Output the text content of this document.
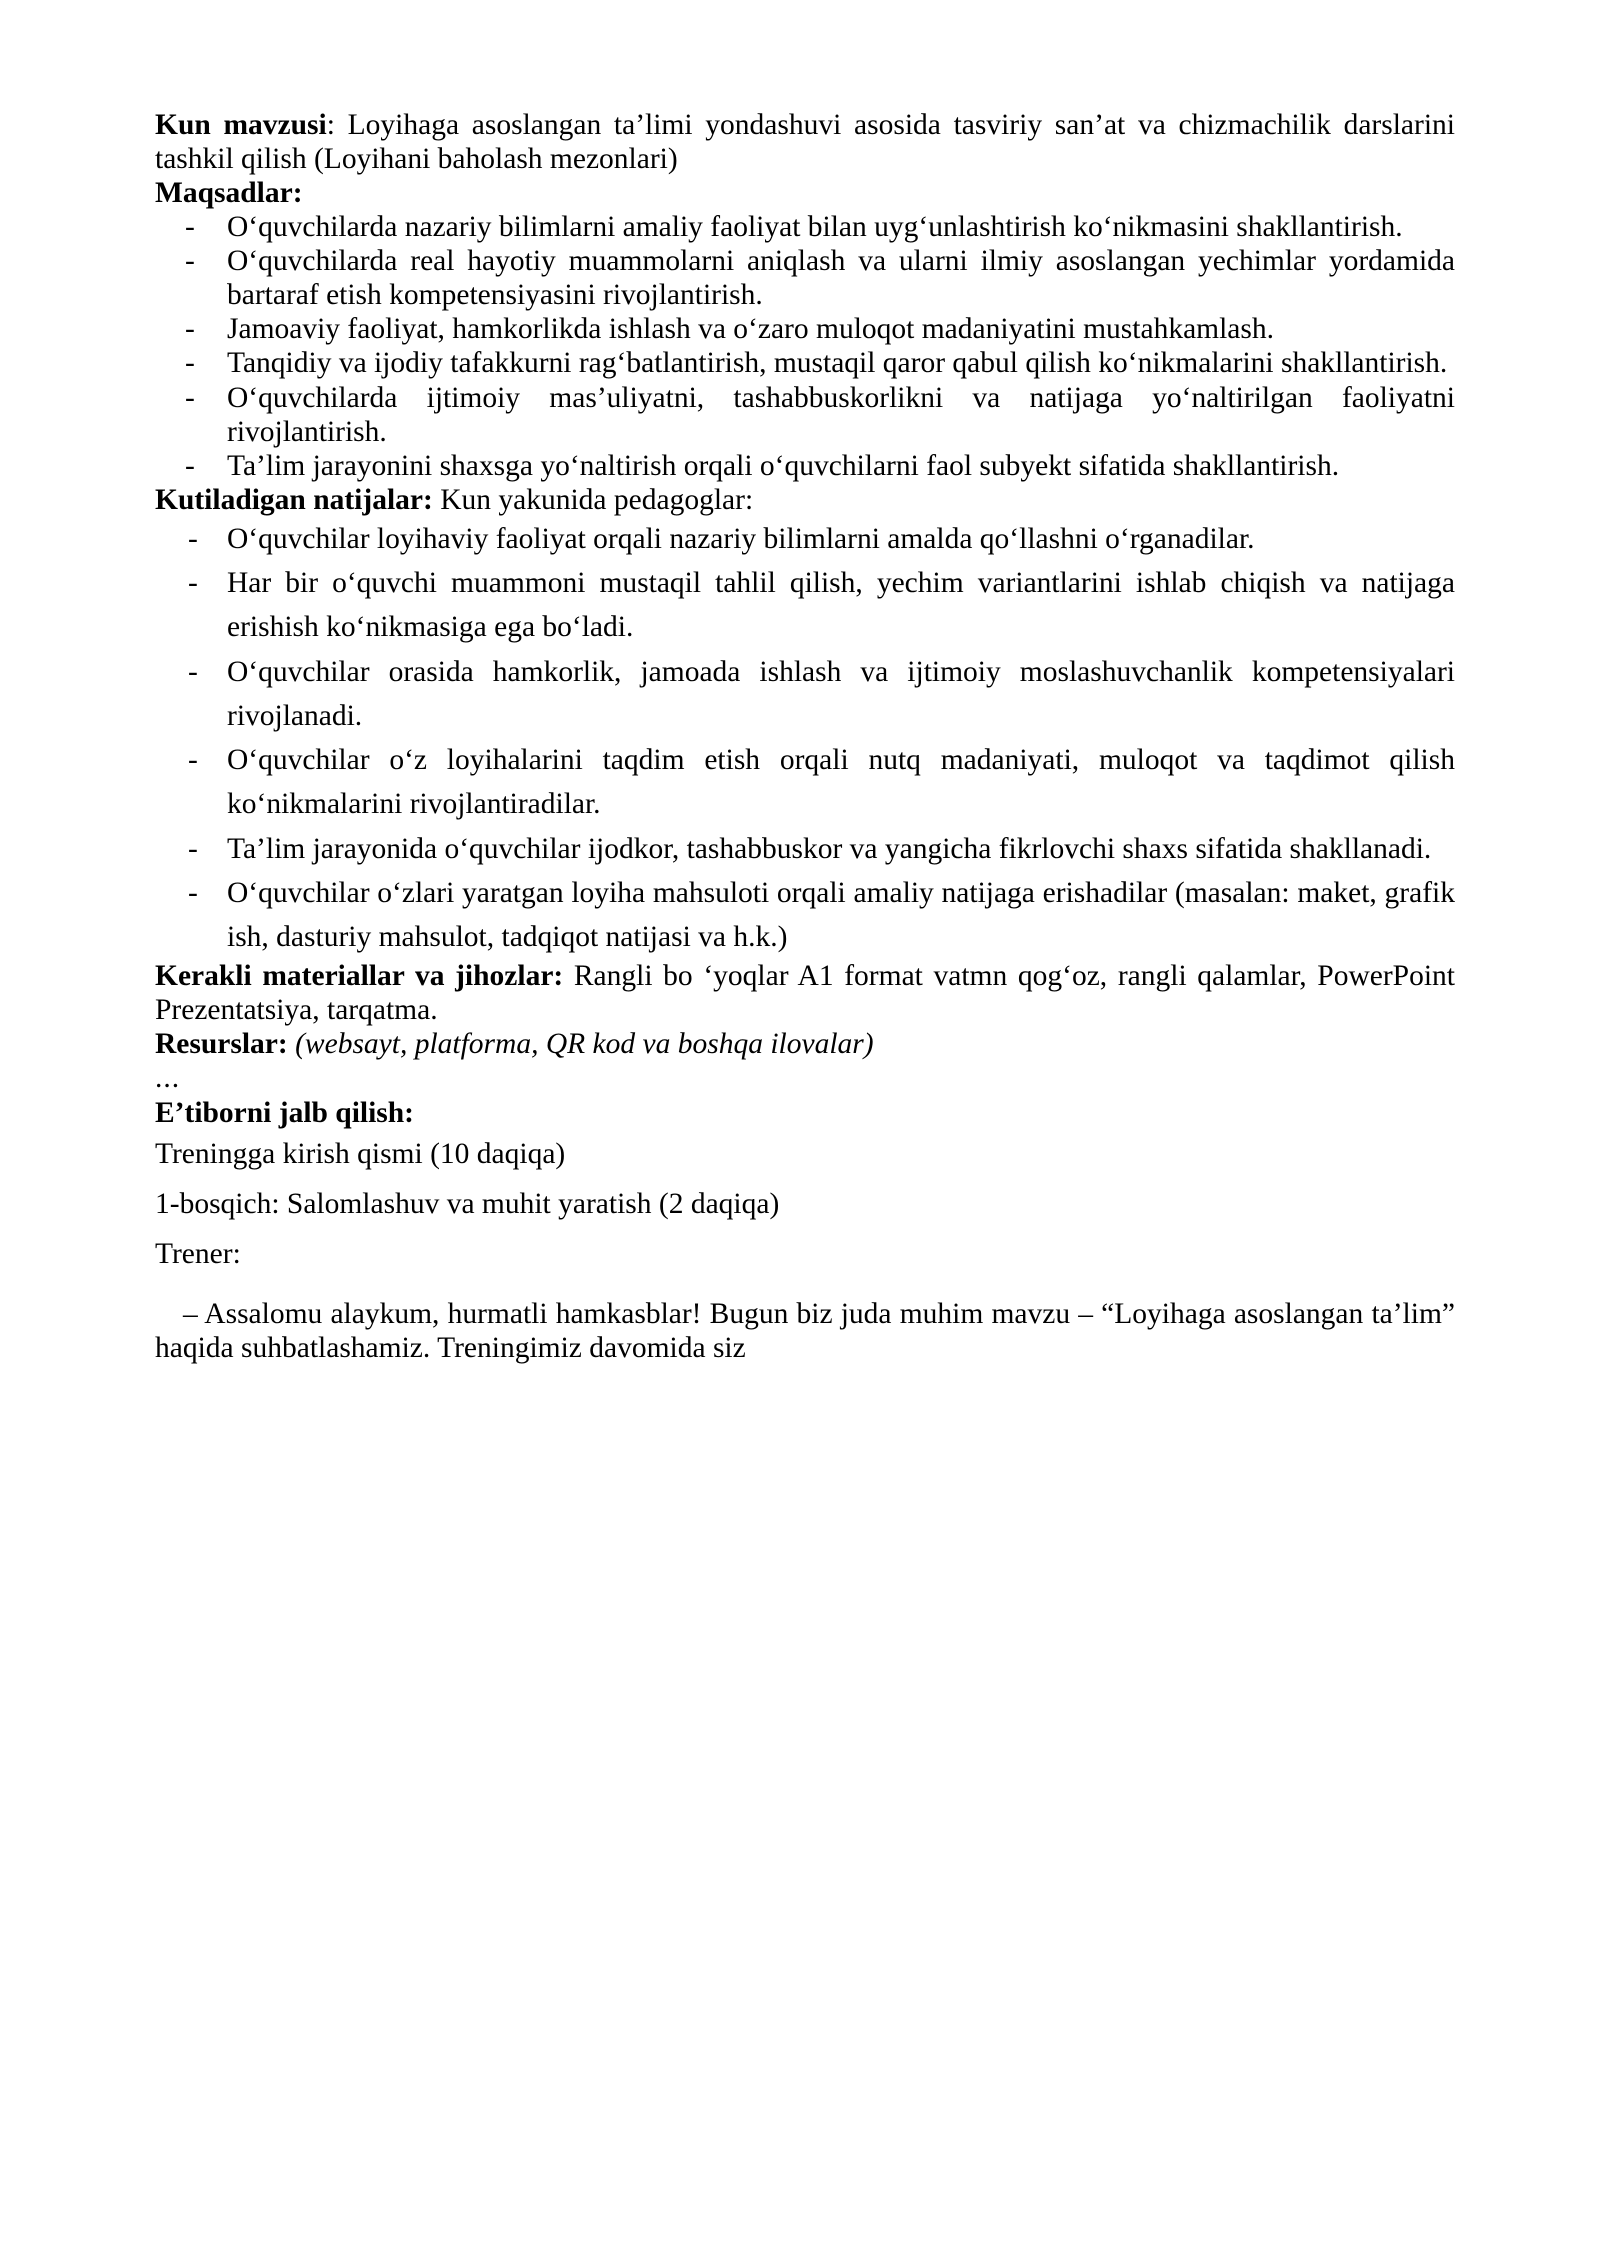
Kun mavzusi: Loyihaga asoslangan ta’limi yondashuvi asosida tasviriy san’at va chizmachilik darslarini tashkil qilish (Loyihani baholash mezonlari)

Maqsadlar:

- O‘quvchilarda nazariy bilimlarni amaliy faoliyat bilan uyg‘unlashtirish ko‘nikmasini shakllantirish.
- O‘quvchilarda real hayotiy muammolarni aniqlash va ularni ilmiy asoslangan yechimlar yordamida bartaraf etish kompetensiyasini rivojlantirish.
- Jamoaviy faoliyat, hamkorlikda ishlash va o‘zaro muloqot madaniyatini mustahkamlash.
- Tanqidiy va ijodiy tafakkurni rag‘batlantirish, mustaqil qaror qabul qilish ko‘nikmalarini shakllantirish.
- O‘quvchilarda ijtimoiy mas’uliyatni, tashabbuskorlikni va natijaga yo‘naltirilgan faoliyatni rivojlantirish.
- Ta’lim jarayonini shaxsga yo‘naltirish orqali o‘quvchilarni faol subyekt sifatida shakllantirish.

Kutiladigan natijalar: Kun yakunida pedagoglar:

- O‘quvchilar loyihaviy faoliyat orqali nazariy bilimlarni amalda qo‘llashni o‘rganadilar.
- Har bir o‘quvchi muammoni mustaqil tahlil qilish, yechim variantlarini ishlab chiqish va natijaga erishish ko‘nikmasiga ega bo‘ladi.
- O‘quvchilar orasida hamkorlik, jamoada ishlash va ijtimoiy moslashuvchanlik kompetensiyalari rivojlanadi.
- O‘quvchilar o‘z loyihalarini taqdim etish orqali nutq madaniyati, muloqot va taqdimot qilish ko‘nikmalarini rivojlantiradilar.
- Ta’lim jarayonida o‘quvchilar ijodkor, tashabbuskor va yangicha fikrlovchi shaxs sifatida shakllanadi.
- O‘quvchilar o‘zlari yaratgan loyiha mahsuloti orqali amaliy natijaga erishadilar (masalan: maket, grafik ish, dasturiy mahsulot, tadqiqot natijasi va h.k.)

Kerakli materiallar va jihozlar: Rangli bo ‘yoqlar A1 format vatmn qog‘oz, rangli qalamlar, PowerPoint Prezentatsiya, tarqatma.

Resurslar: (websayt, platforma, QR kod va boshqa ilovalar)

...

E’tiborni jalb qilish:

Treningga kirish qismi (10 daqiqa)

1-bosqich: Salomlashuv va muhit yaratish (2 daqiqa)

Trener:

– Assalomu alaykum, hurmatli hamkasblar! Bugun biz juda muhim mavzu – “Loyihaga asoslangan ta’lim” haqida suhbatlashamiz. Treningimiz davomida siz
